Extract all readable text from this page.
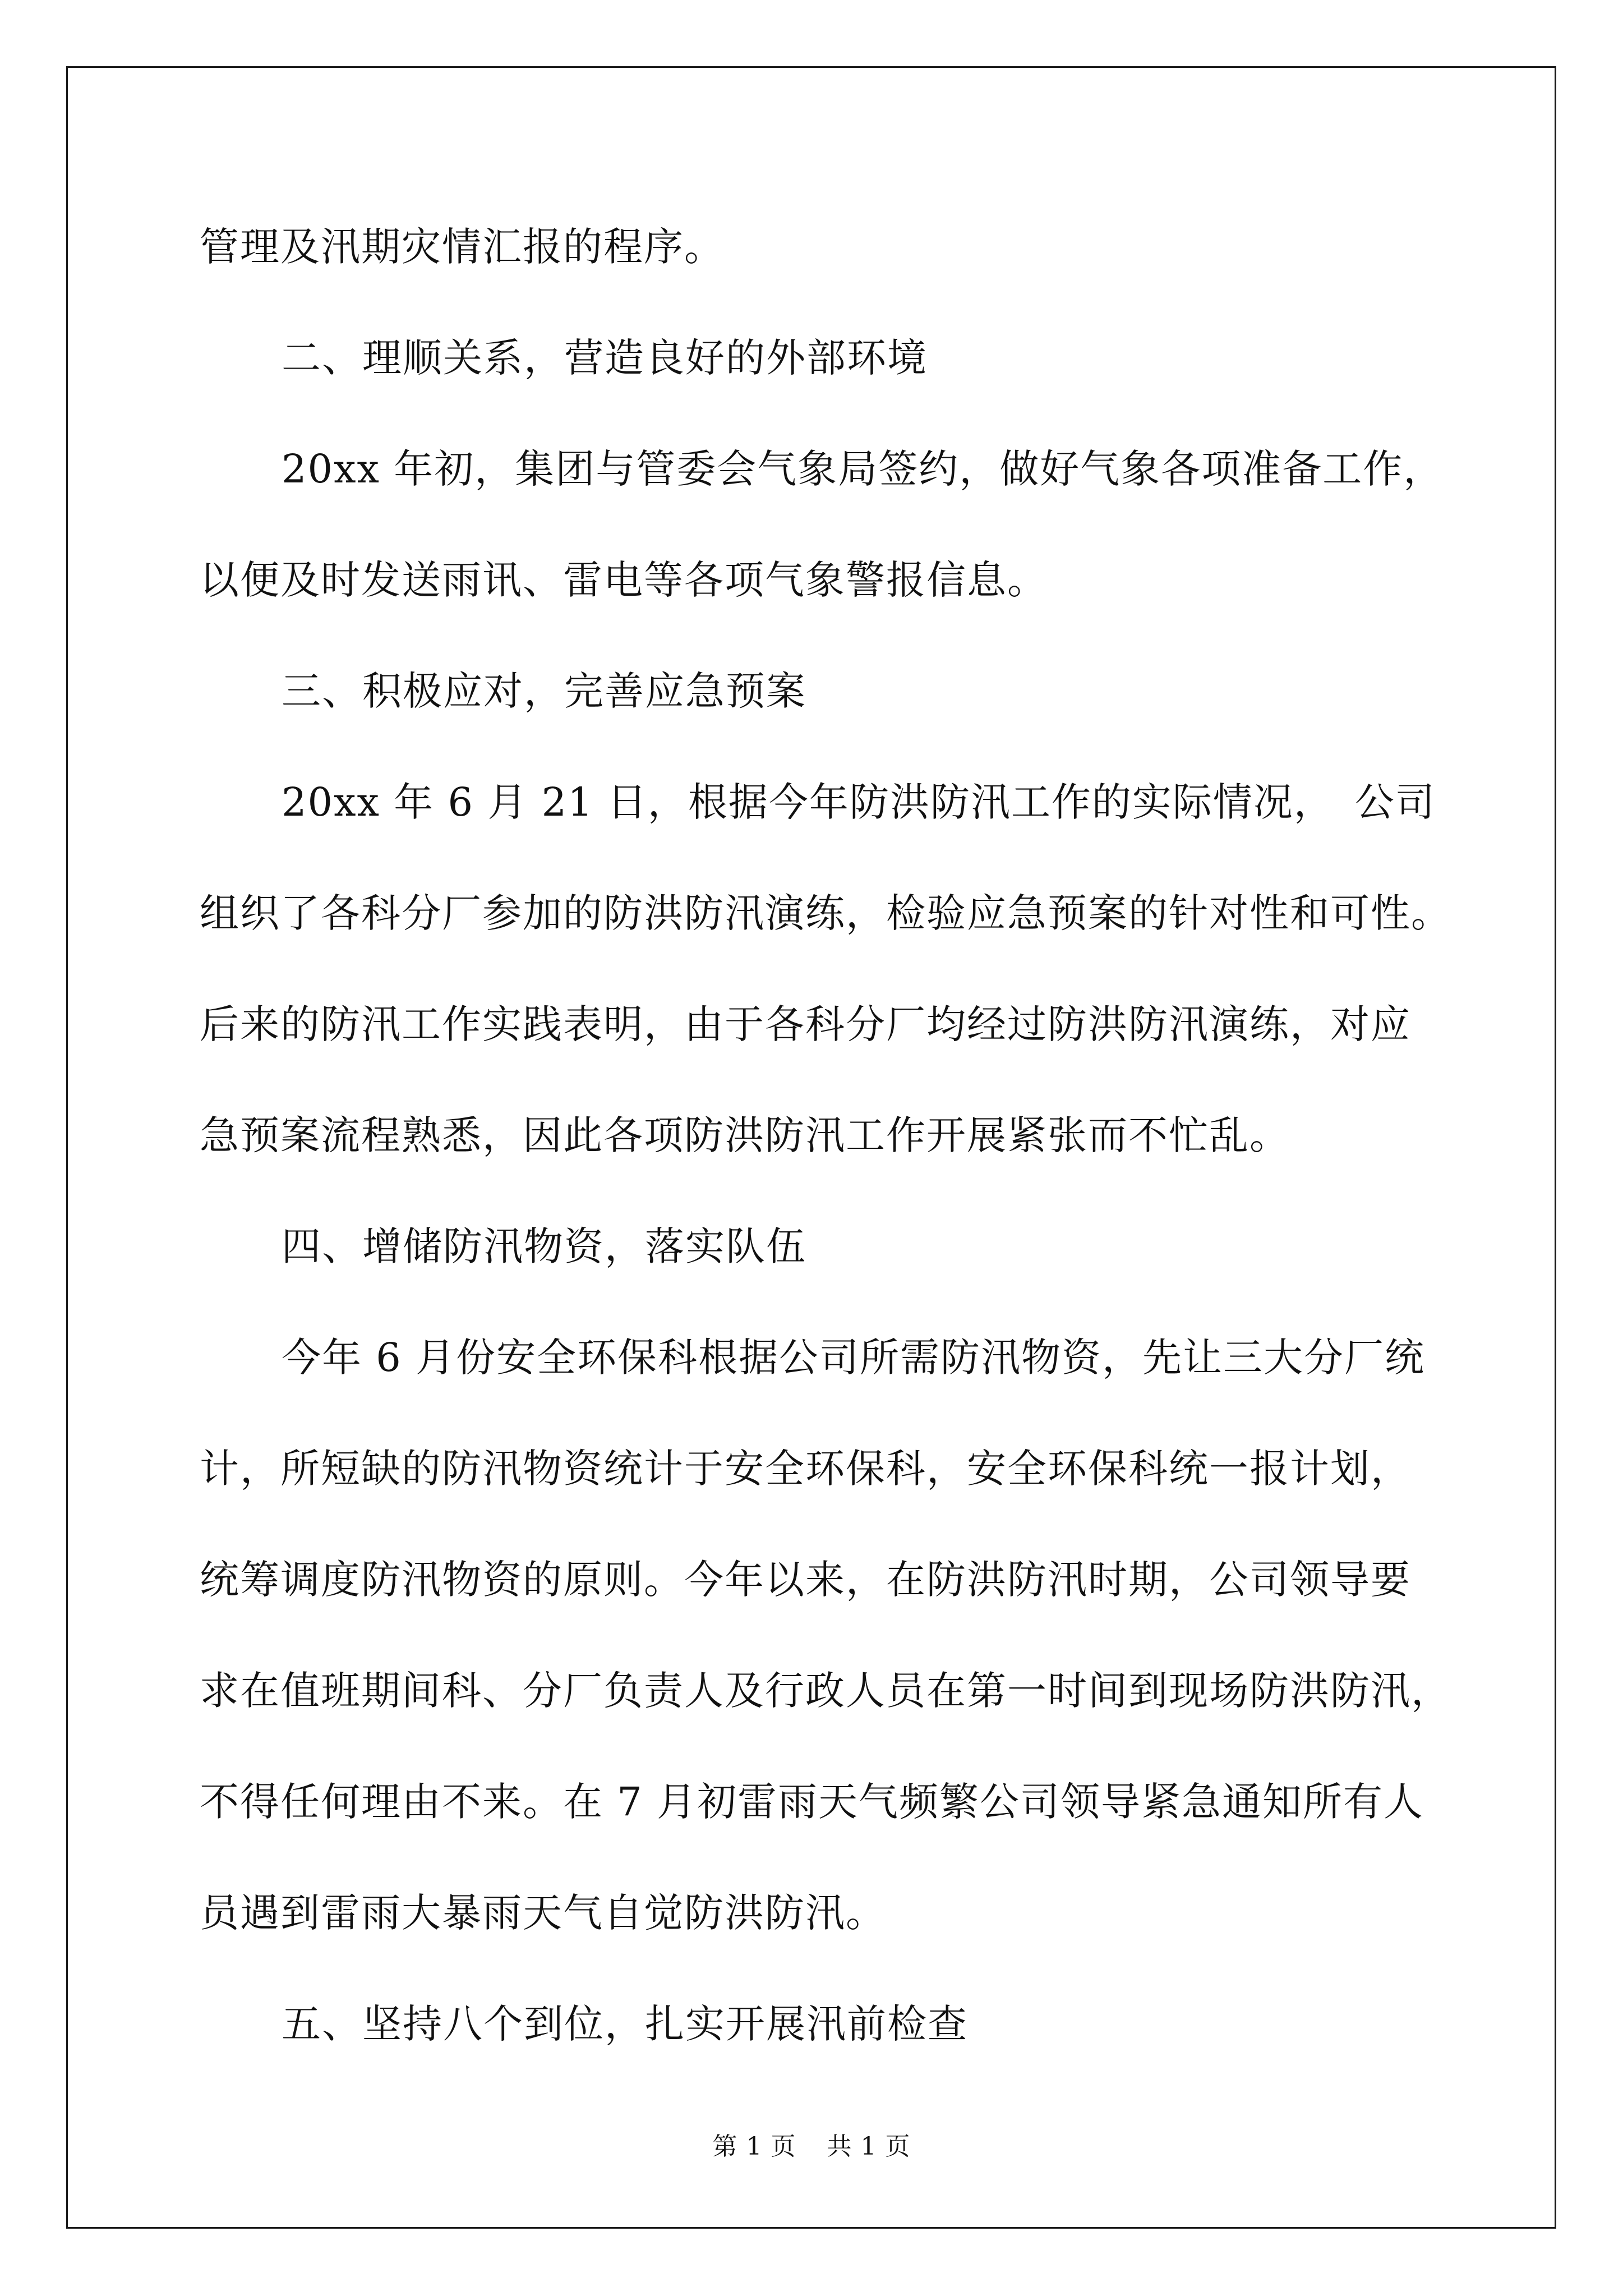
管理及汛期灾情汇报的程序。
二、理顺关系，营造良好的外部环境
20xx 年初，集团与管委会气象局签约，做好气象各项准备工作，
以便及时发送雨讯、雷电等各项气象警报信息。
三、积极应对，完善应急预案
20xx 年 6 月 21 日，根据今年防洪防汛工作的实际情况，　公司
组织了各科分厂参加的防洪防汛演练，检验应急预案的针对性和可性。
后来的防汛工作实践表明，由于各科分厂均经过防洪防汛演练，对应
急预案流程熟悉，因此各项防洪防汛工作开展紧张而不忙乱。
四、增储防汛物资，落实队伍
今年 6 月份安全环保科根据公司所需防汛物资，先让三大分厂统
计，所短缺的防汛物资统计于安全环保科，安全环保科统一报计划，
统筹调度防汛物资的原则。今年以来，在防洪防汛时期，公司领导要
求在值班期间科、分厂负责人及行政人员在第一时间到现场防洪防汛，
不得任何理由不来。在 7 月初雷雨天气频繁公司领导紧急通知所有人
员遇到雷雨大暴雨天气自觉防洪防汛。
五、坚持八个到位，扎实开展汛前检查
第 1 页 共 1 页
